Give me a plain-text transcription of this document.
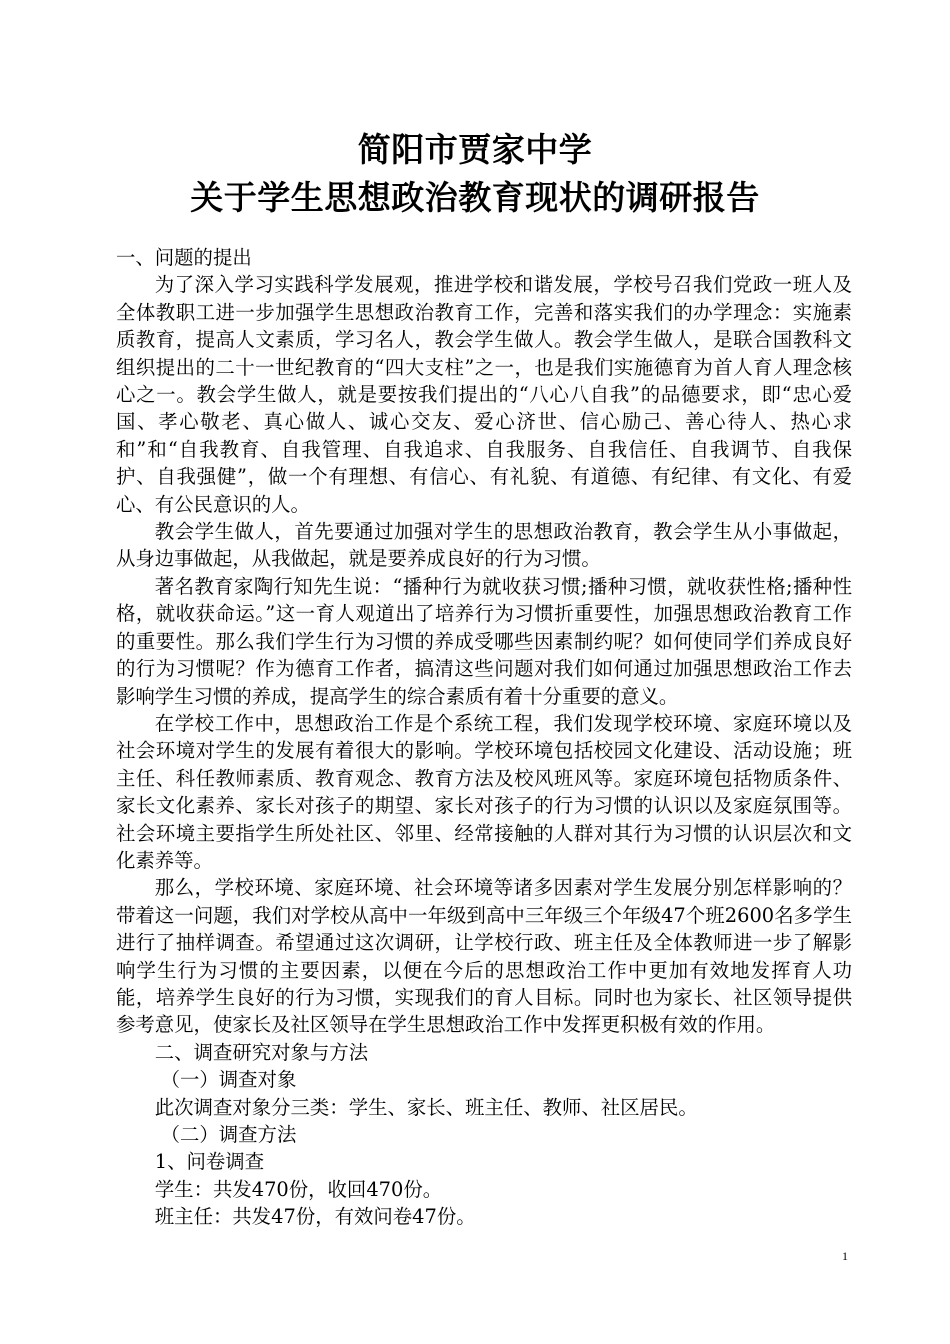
简阳市贾家中学
关于学生思想政治教育现状的调研报告

一、问题的提出

为了深入学习实践科学发展观，推进学校和谐发展，学校号召我们党政一班人及全体教职工进一步加强学生思想政治教育工作，完善和落实我们的办学理念：实施素质教育，提高人文素质，学习名人，教会学生做人。教会学生做人，是联合国教科文组织提出的二十一世纪教育的“四大支柱”之一，也是我们实施德育为首人育人理念核心之一。教会学生做人，就是要按我们提出的“八心八自我”的品德要求，即“忠心爱国、孝心敬老、真心做人、诚心交友、爱心济世、信心励己、善心待人、热心求和”和“自我教育、自我管理、自我追求、自我服务、自我信任、自我调节、自我保护、自我强健”，做一个有理想、有信心、有礼貌、有道德、有纪律、有文化、有爱心、有公民意识的人。

教会学生做人，首先要通过加强对学生的思想政治教育，教会学生从小事做起，从身边事做起，从我做起，就是要养成良好的行为习惯。

著名教育家陶行知先生说：“播种行为就收获习惯;播种习惯，就收获性格;播种性格，就收获命运。”这一育人观道出了培养行为习惯折重要性，加强思想政治教育工作的重要性。那么我们学生行为习惯的养成受哪些因素制约呢？如何使同学们养成良好的行为习惯呢？作为德育工作者，搞清这些问题对我们如何通过加强思想政治工作去影响学生习惯的养成，提高学生的综合素质有着十分重要的意义。

在学校工作中，思想政治工作是个系统工程，我们发现学校环境、家庭环境以及社会环境对学生的发展有着很大的影响。学校环境包括校园文化建设、活动设施；班主任、科任教师素质、教育观念、教育方法及校风班风等。家庭环境包括物质条件、家长文化素养、家长对孩子的期望、家长对孩子的行为习惯的认识以及家庭氛围等。社会环境主要指学生所处社区、邻里、经常接触的人群对其行为习惯的认识层次和文化素养等。

那么，学校环境、家庭环境、社会环境等诸多因素对学生发展分别怎样影响的？带着这一问题，我们对学校从高中一年级到高中三年级三个年级47个班2600名多学生进行了抽样调查。希望通过这次调研，让学校行政、班主任及全体教师进一步了解影响学生行为习惯的主要因素，以便在今后的思想政治工作中更加有效地发挥育人功能，培养学生良好的行为习惯，实现我们的育人目标。同时也为家长、社区领导提供参考意见，使家长及社区领导在学生思想政治工作中发挥更积极有效的作用。

二、调查研究对象与方法

（一）调查对象

此次调查对象分三类：学生、家长、班主任、教师、社区居民。

（二）调查方法

1、问卷调查

学生：共发470份，收回470份。

班主任：共发47份，有效问卷47份。

1
